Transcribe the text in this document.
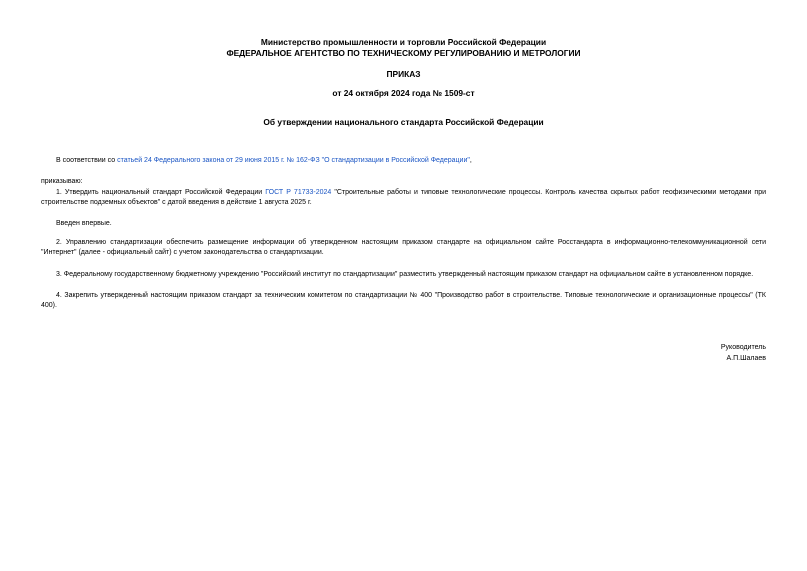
Министерство промышленности и торговли Российской Федерации
ФЕДЕРАЛЬНОЕ АГЕНТСТВО ПО ТЕХНИЧЕСКОМУ РЕГУЛИРОВАНИЮ И МЕТРОЛОГИИ
ПРИКАЗ
от 24 октября 2024 года № 1509-ст
Об утверждении национального стандарта Российской Федерации
В соответствии со статьей 24 Федерального закона от 29 июня 2015 г. № 162-ФЗ "О стандартизации в Российской Федерации",
приказываю:
1. Утвердить национальный стандарт Российской Федерации ГОСТ Р 71733-2024 "Строительные работы и типовые технологические процессы. Контроль качества скрытых работ геофизическими методами при строительстве подземных объектов" с датой введения в действие 1 августа 2025 г.
Введен впервые.
2. Управлению стандартизации обеспечить размещение информации об утвержденном настоящим приказом стандарте на официальном сайте Росстандарта в информационно-телекоммуникационной сети "Интернет" (далее - официальный сайт) с учетом законодательства о стандартизации.
3. Федеральному государственному бюджетному учреждению "Российский институт по стандартизации" разместить утвержденный настоящим приказом стандарт на официальном сайте в установленном порядке.
4. Закрепить утвержденный настоящим приказом стандарт за техническим комитетом по стандартизации № 400 "Производство работ в строительстве. Типовые технологические и организационные процессы" (ТК 400).
Руководитель
А.П.Шалаев
